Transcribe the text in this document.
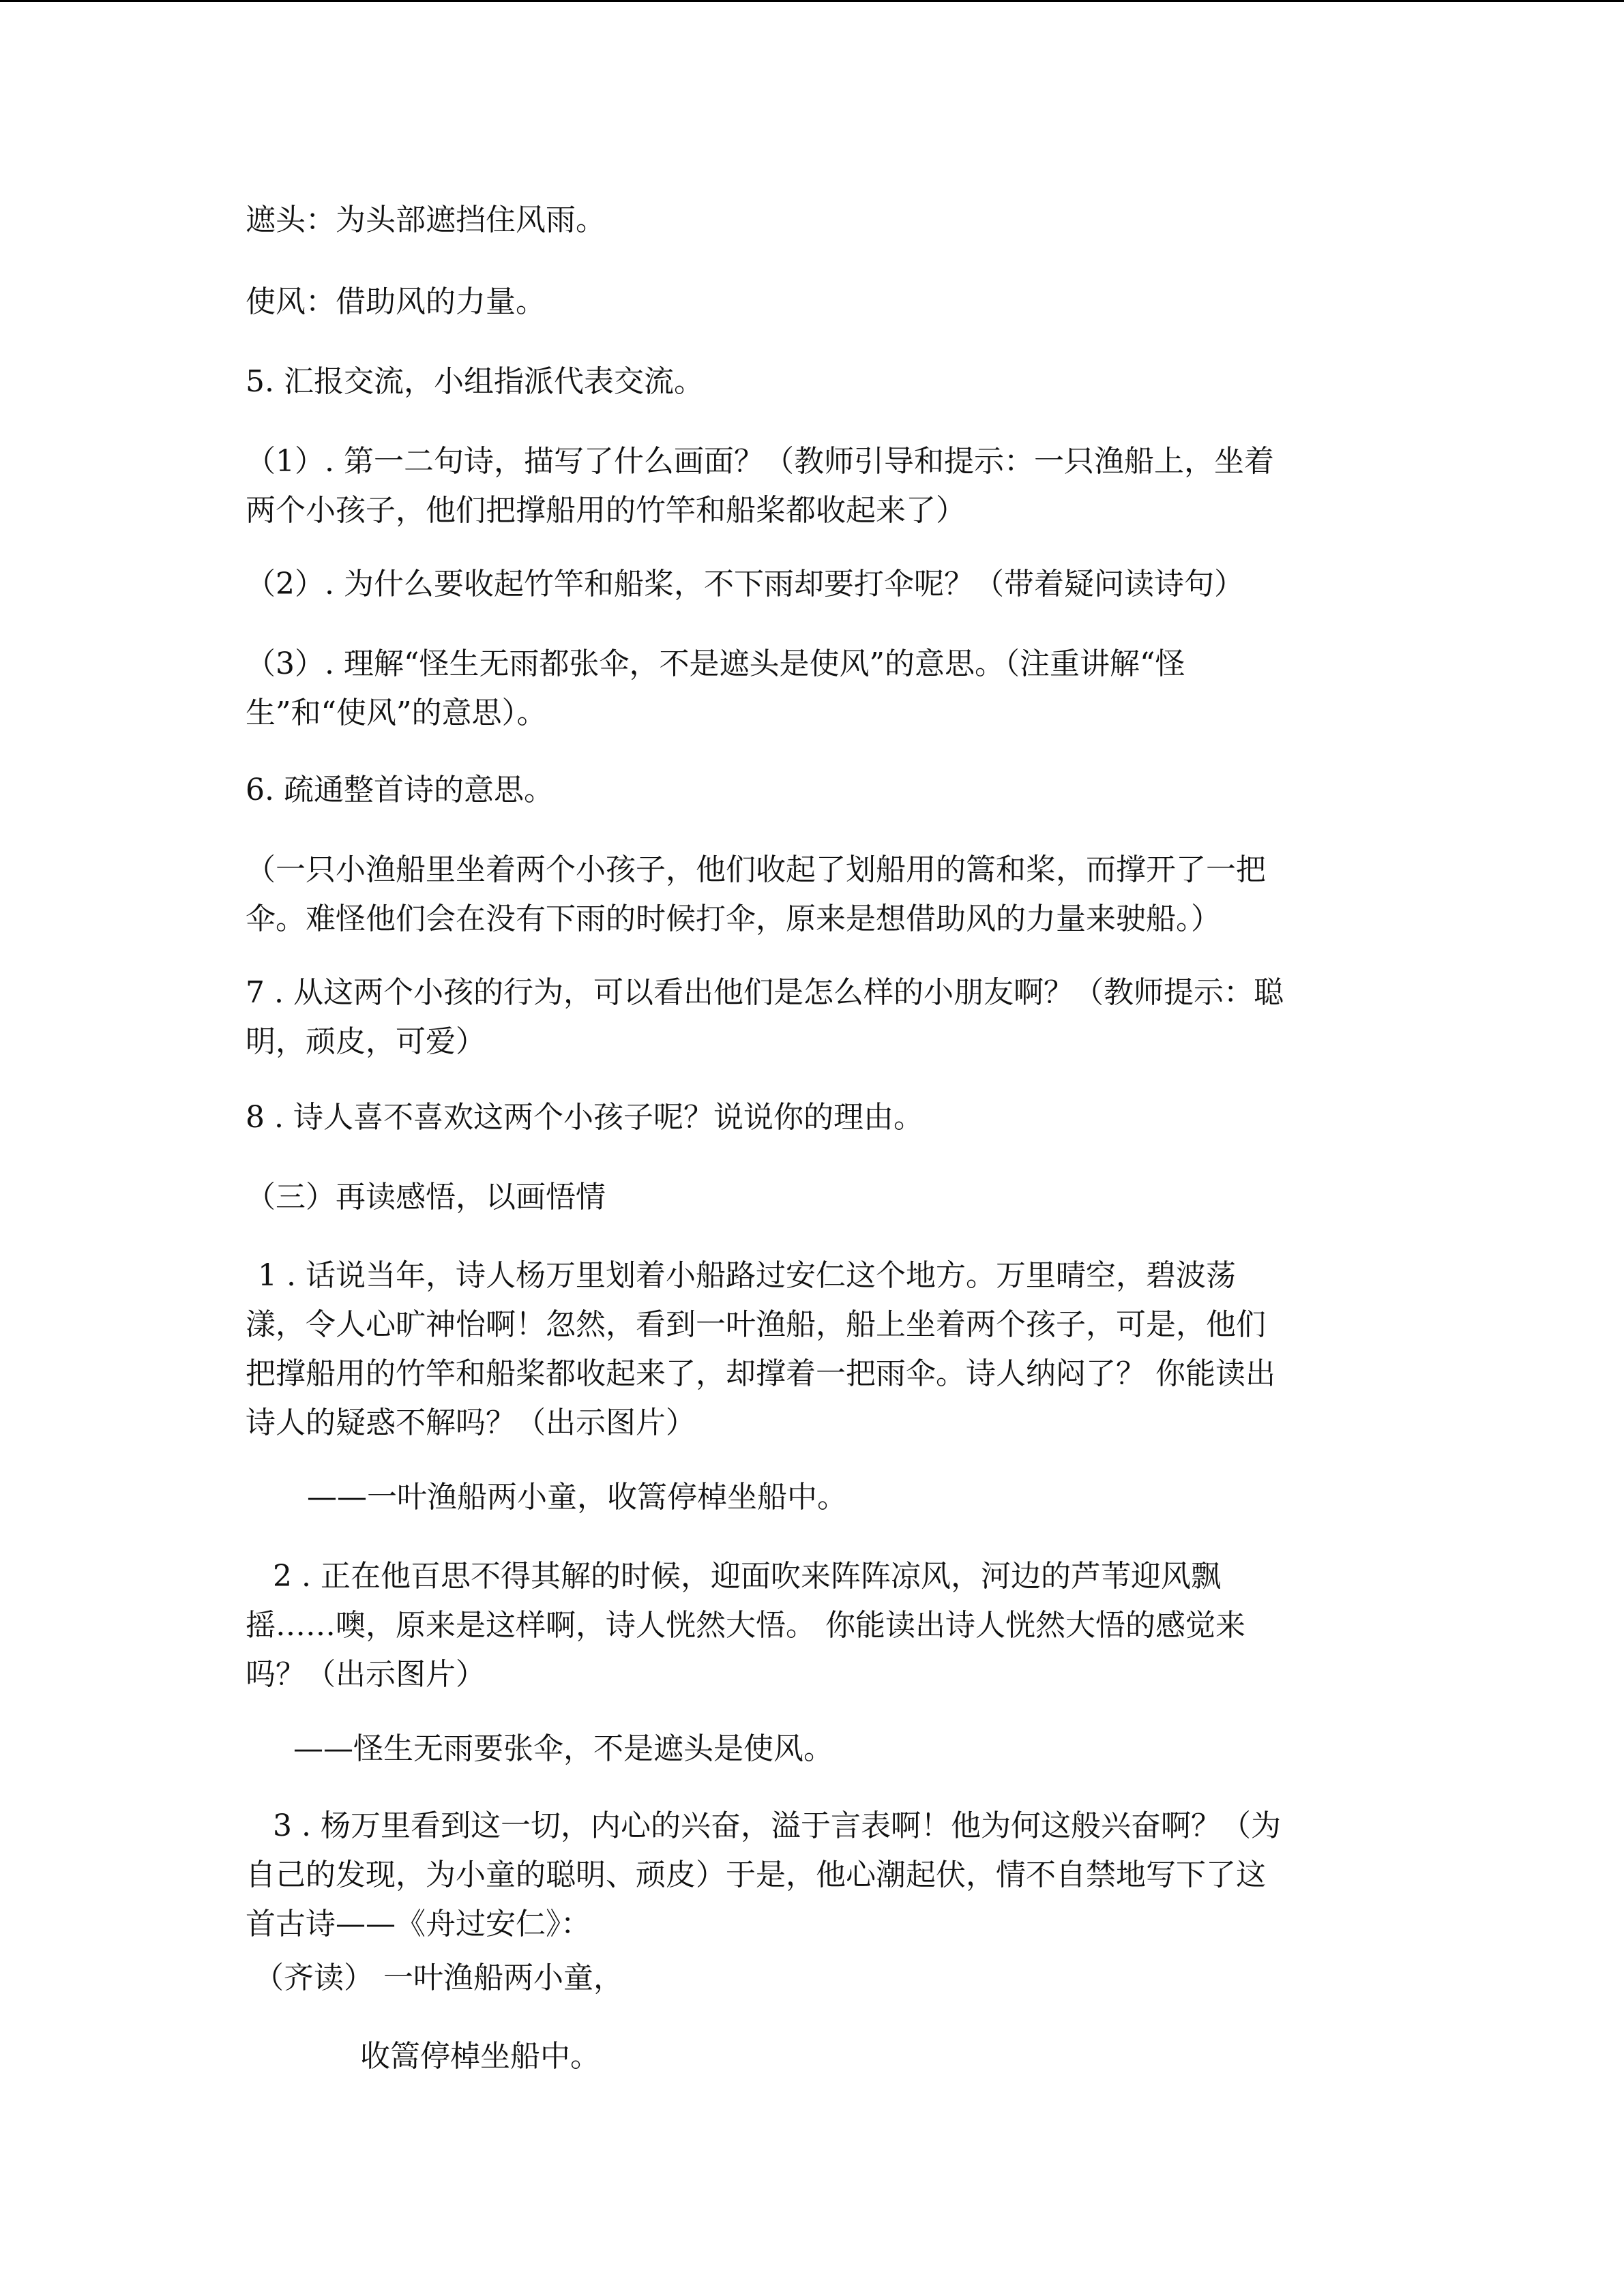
遮头：为头部遮挡住风雨。
使风：借助风的力量。
5. 汇报交流，小组指派代表交流。
（1）. 第一二句诗，描写了什么画面？（教师引导和提示：一只渔船上，坐着
两个小孩子，他们把撑船用的竹竿和船桨都收起来了）
（2）. 为什么要收起竹竿和船桨，不下雨却要打伞呢？（带着疑问读诗句）
（3）. 理解“怪生无雨都张伞，不是遮头是使风”的意思。（注重讲解“怪
生”和“使风”的意思）。
6. 疏通整首诗的意思。
（一只小渔船里坐着两个小孩子，他们收起了划船用的篙和桨，而撑开了一把
伞。难怪他们会在没有下雨的时候打伞，原来是想借助风的力量来驶船。）
7 . 从这两个小孩的行为，可以看出他们是怎么样的小朋友啊？（教师提示：聪
明，顽皮，可爱）
8 . 诗人喜不喜欢这两个小孩子呢？说说你的理由。
（三）再读感悟，以画悟情
1 . 话说当年，诗人杨万里划着小船路过安仁这个地方。万里晴空，碧波荡
漾，令人心旷神怡啊！忽然，看到一叶渔船，船上坐着两个孩子，可是，他们
把撑船用的竹竿和船桨都收起来了，却撑着一把雨伞。诗人纳闷了？ 你能读出
诗人的疑惑不解吗？（出示图片）
——一叶渔船两小童，收篙停棹坐船中。
2 . 正在他百思不得其解的时候，迎面吹来阵阵凉风，河边的芦苇迎风飘
摇……噢，原来是这样啊，诗人恍然大悟。 你能读出诗人恍然大悟的感觉来
吗？（出示图片）
——怪生无雨要张伞，不是遮头是使风。
3 . 杨万里看到这一切，内心的兴奋，溢于言表啊！他为何这般兴奋啊？（为
自己的发现，为小童的聪明、顽皮）于是，他心潮起伏，情不自禁地写下了这
首古诗——《舟过安仁》：
（齐读） 一叶渔船两小童，
收篙停棹坐船中。
